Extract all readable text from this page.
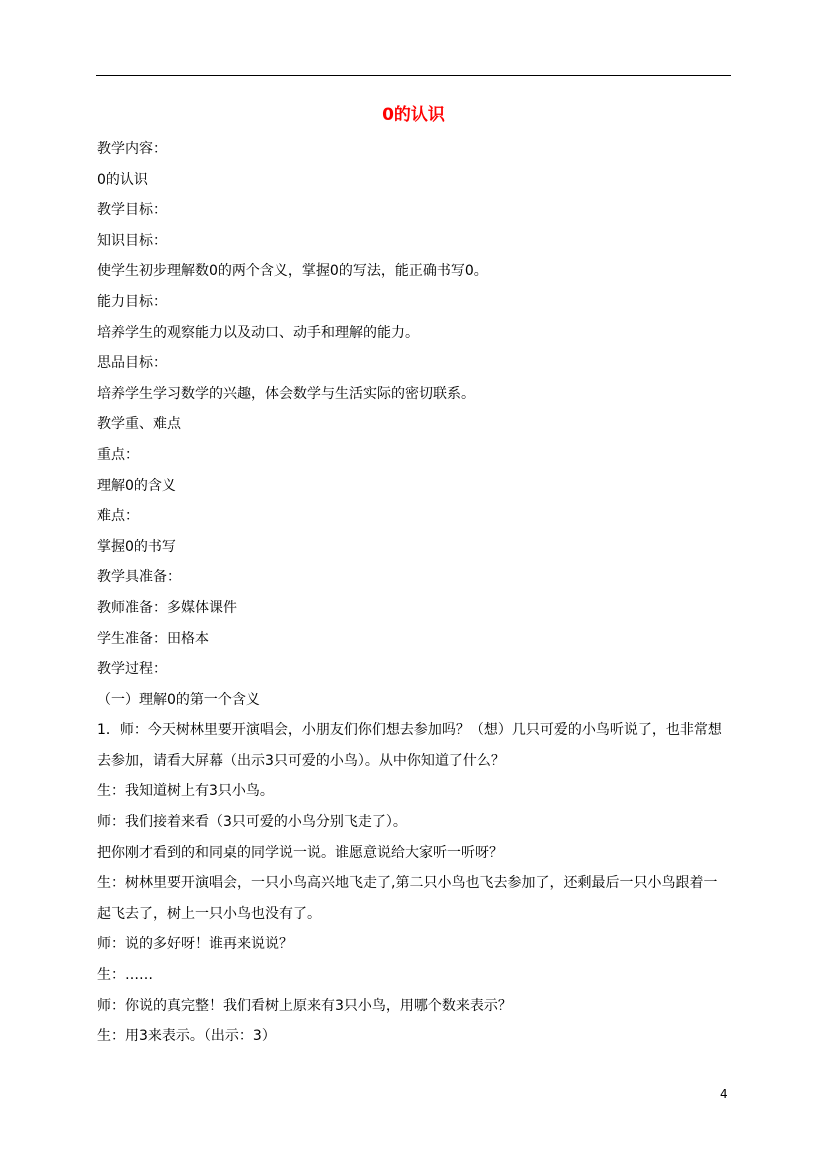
0的认识
教学内容：
0的认识
教学目标：
知识目标：
使学生初步理解数0的两个含义，掌握0的写法，能正确书写0。
能力目标：
培养学生的观察能力以及动口、动手和理解的能力。
思品目标：
培养学生学习数学的兴趣，体会数学与生活实际的密切联系。
教学重、难点
重点：
理解0的含义
难点：
掌握0的书写
教学具准备：
教师准备：多媒体课件
学生准备：田格本
教学过程：
（一）理解0的第一个含义
1．师：今天树林里要开演唱会，小朋友们你们想去参加吗？（想）几只可爱的小鸟听说了，也非常想
去参加，请看大屏幕（出示3只可爱的小鸟）。从中你知道了什么？
生：我知道树上有3只小鸟。
师：我们接着来看（3只可爱的小鸟分别飞走了）。
把你刚才看到的和同桌的同学说一说。谁愿意说给大家听一听呀？
生：树林里要开演唱会，一只小鸟高兴地飞走了,第二只小鸟也飞去参加了，还剩最后一只小鸟跟着一
起飞去了，树上一只小鸟也没有了。
师：说的多好呀！谁再来说说？
生：……
师：你说的真完整！我们看树上原来有3只小鸟，用哪个数来表示？
生：用3来表示。（出示：3）
4
